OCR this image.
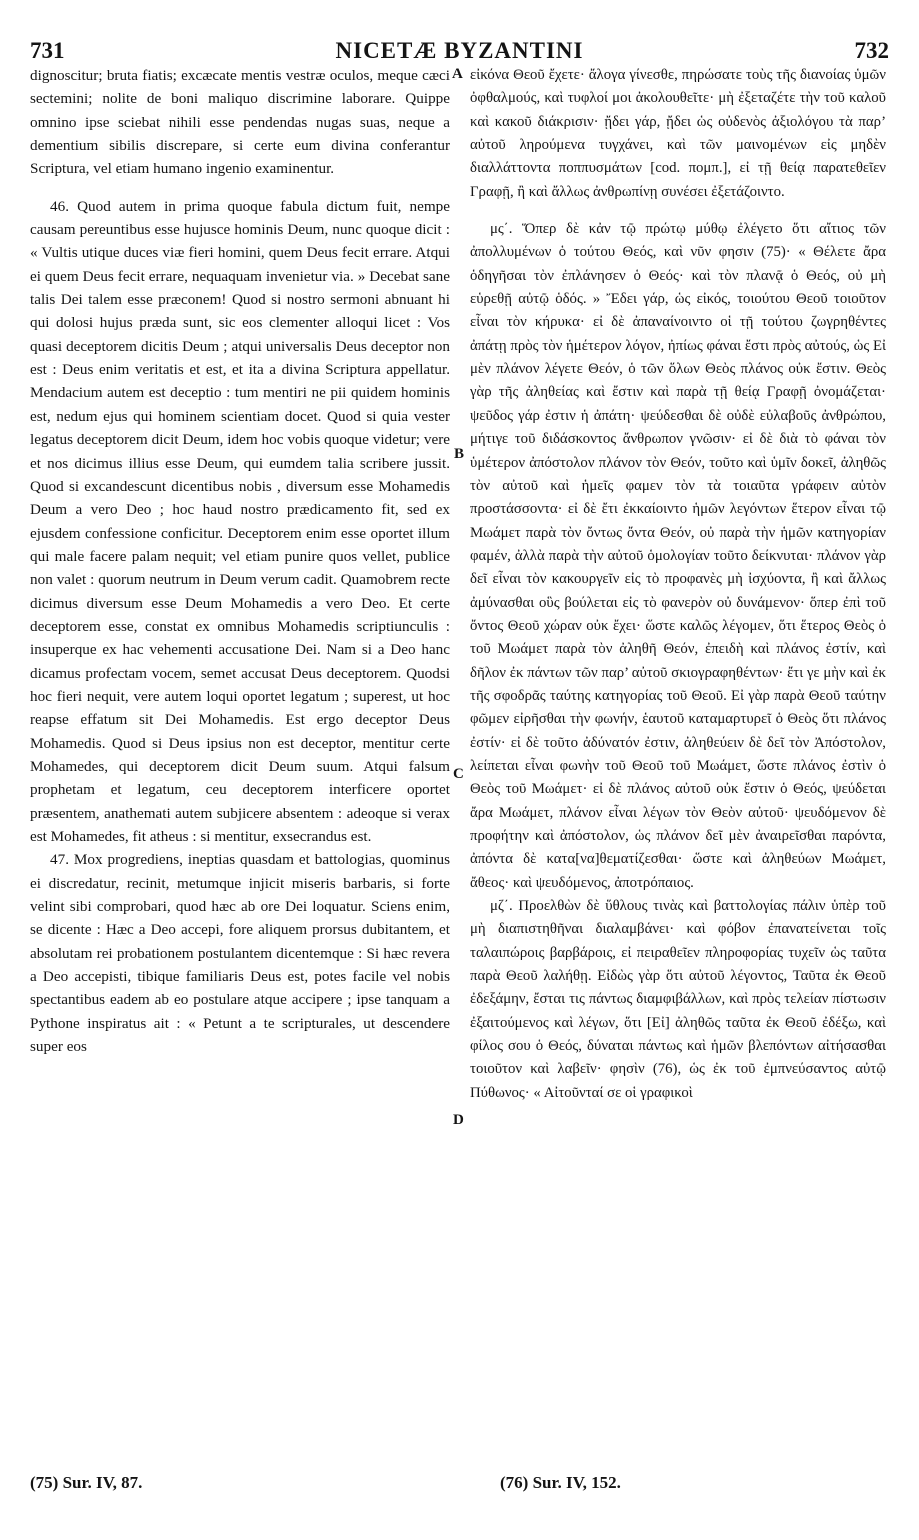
731	NICETÆ BYZANTINI	732

dignoscitur; bruta fiatis; excæcate mentis vestræ oculos, meque cæci sectemini; nolite de boni maliquo discrimine laborare. Quippe omnino ipse sciebat nihili esse pendendas nugas suas, neque a dementium sibilis discrepare, si certe eum divina conferantur Scriptura, vel etiam humano ingenio examinentur.

46. Quod autem in prima quoque fabula dictum fuit, nempe causam pereuntibus esse hujusce hominis Deum, nunc quoque dicit : « Vultis utique duces viæ fieri homini, quem Deus fecit errare. Atqui ei quem Deus fecit errare, nequaquam invenietur via. » Decebat sane talis Dei talem esse præconem! Quod si nostro sermoni abnuant hi qui dolosi hujus præda sunt, sic eos clementer alloqui licet : Vos quasi deceptorem dicitis Deum ; atqui universalis Deus deceptor non est : Deus enim veritatis et est, et ita a divina Scriptura appellatur. Mendacium autem est deceptio : tum mentiri ne pii quidem hominis est, nedum ejus qui hominem scientiam docet. Quod si quia vester legatus deceptorem dicit Deum, idem hoc vobis quoque videtur; vere et nos dicimus illius esse Deum, qui eumdem talia scribere jussit. Quod si excandescunt dicentibus nobis , diversum esse Mohamedis Deum a vero Deo ; hoc haud nostro prædicamento fit, sed ex ejusdem confessione conficitur. Deceptorem enim esse oportet illum qui male facere palam nequit; vel etiam punire quos vellet, publice non valet : quorum neutrum in Deum verum cadit. Quamobrem recte dicimus diversum esse Deum Mohamedis a vero Deo. Et certe deceptorem esse, constat ex omnibus Mohamedis scriptiunculis : insuperque ex hac vehementi accusatione Dei. Nam si a Deo hanc dicamus profectam vocem, semet accusat Deus deceptorem. Quodsi hoc fieri nequit, vere autem loqui oportet legatum ; superest, ut hoc reapse effatum sit Dei Mohamedis. Est ergo deceptor Deus Mohamedis. Quod si Deus ipsius non est deceptor, mentitur certe Mohamedes, qui deceptorem dicit Deum suum. Atqui falsum prophetam et legatum, ceu deceptorem interficere oportet præsentem, anathemati autem subjicere absentem : adeoque si verax est Mohamedes, fit atheus : si mentitur, exsecrandus est.

47. Mox progrediens, ineptias quasdam et battologias, quominus ei discredatur, recinit, metumque injicit miseris barbaris, si forte velint sibi comprobari, quod hæc ab ore Dei loquatur. Sciens enim, se dicente : Hæc a Deo accepi, fore aliquem prorsus dubitantem, et absolutam rei probationem postulantem dicentemque : Si hæc revera a Deo accepisti, tibique familiaris Deus est, potes facile vel nobis spectantibus eadem ab eo postulare atque accipere ; ipse tanquam a Pythone inspiratus ait : « Petunt a te scripturales, ut descendere super eos

A
B
C
D

εἰκόνα Θεοῦ ἔχετε· ἄλογα γίνεσθε, πηρώσατε τοὺς τῆς διανοίας ὑμῶν ὀφθαλμούς, καὶ τυφλοί μοι ἀκολουθεῖτε· μὴ ἐξεταζέτε τὴν τοῦ καλοῦ καὶ κακοῦ διάκρισιν· ᾔδει γάρ, ᾔδει ὡς οὐδενὸς ἀξιολόγου τὰ παρ’ αὐτοῦ ληρούμενα τυγχάνει, καὶ τῶν μαινομένων εἰς μηδὲν διαλλάττοντα ποππυσμάτων [cod. πομπ.], εἰ τῇ θείᾳ παρατεθεῖεν Γραφῇ, ἢ καὶ ἄλλως ἀνθρωπίνῃ συνέσει ἐξετάζοιντο.

μς΄. Ὅπερ δὲ κἀν τῷ πρώτῳ μύθῳ ἐλέγετο ὅτι αἴτιος τῶν ἀπολλυμένων ὁ τούτου Θεός, καὶ νῦν φησιν (75)· « Θέλετε ἄρα ὁδηγῆσαι τὸν ἐπλάνησεν ὁ Θεός· καὶ τὸν πλανᾷ ὁ Θεός, οὐ μὴ εὑρεθῇ αὐτῷ ὁδός. » Ἔδει γάρ, ὡς εἰκός, τοιούτου Θεοῦ τοιοῦτον εἶναι τὸν κήρυκα· εἰ δὲ ἀπαναίνοιντο οἱ τῇ τούτου ζωγρηθέντες ἀπάτῃ πρὸς τὸν ἡμέτερον λόγον, ἠπίως φάναι ἔστι πρὸς αὐτούς, ὡς Εἰ μὲν πλάνον λέγετε Θεόν, ὁ τῶν ὅλων Θεὸς πλάνος οὐκ ἔστιν. Θεὸς γὰρ τῆς ἀληθείας καὶ ἔστιν καὶ παρὰ τῇ θείᾳ Γραφῇ ὀνομάζεται· ψεῦδος γάρ ἐστιν ἡ ἀπάτη· ψεύδεσθαι δὲ οὐδὲ εὐλαβοῦς ἀνθρώπου, μήτιγε τοῦ διδάσκοντος ἄνθρωπον γνῶσιν· εἰ δὲ διὰ τὸ φάναι τὸν ὑμέτερον ἀπόστολον πλάνον τὸν Θεόν, τοῦτο καὶ ὑμῖν δοκεῖ, ἀληθῶς τὸν αὐτοῦ καὶ ἡμεῖς φαμεν τὸν τὰ τοιαῦτα γράφειν αὐτὸν προστάσσοντα· εἰ δὲ ἔτι ἐκκαίοιντο ἡμῶν λεγόντων ἕτερον εἶναι τῷ Μωάμετ παρὰ τὸν ὄντως ὄντα Θεόν, οὐ παρὰ τὴν ἡμῶν κατηγορίαν φαμέν, ἀλλὰ παρὰ τὴν αὐτοῦ ὁμολογίαν τοῦτο δείκνυται· πλάνον γὰρ δεῖ εἶναι τὸν κακουργεῖν εἰς τὸ προφανὲς μὴ ἰσχύοντα, ἢ καὶ ἄλλως ἀμύνασθαι οὓς βούλεται εἰς τὸ φανερὸν οὐ δυνάμενον· ὅπερ ἐπὶ τοῦ ὄντος Θεοῦ χώραν οὐκ ἔχει· ὥστε καλῶς λέγομεν, ὅτι ἕτερος Θεὸς ὁ τοῦ Μωάμετ παρὰ τὸν ἀληθῆ Θεόν, ἐπειδὴ καὶ πλάνος ἐστίν, καὶ δῆλον ἐκ πάντων τῶν παρ’ αὐτοῦ σκιογραφηθέντων· ἔτι γε μὴν καὶ ἐκ τῆς σφοδρᾶς ταύτης κατηγορίας τοῦ Θεοῦ. Εἰ γὰρ παρὰ Θεοῦ ταύτην φῶμεν εἰρῆσθαι τὴν φωνήν, ἑαυτοῦ καταμαρτυρεῖ ὁ Θεὸς ὅτι πλάνος ἐστίν· εἰ δὲ τοῦτο ἀδύνατόν ἐστιν, ἀληθεύειν δὲ δεῖ τὸν Ἀπόστολον, λείπεται εἶναι φωνὴν τοῦ Θεοῦ τοῦ Μωάμετ, ὥστε πλάνος ἐστὶν ὁ Θεὸς τοῦ Μωάμετ· εἰ δὲ πλάνος αὐτοῦ οὐκ ἔστιν ὁ Θεός, ψεύδεται ἄρα Μωάμετ, πλάνον εἶναι λέγων τὸν Θεὸν αὐτοῦ· ψευδόμενον δὲ προφήτην καὶ ἀπόστολον, ὡς πλάνον δεῖ μὲν ἀναιρεῖσθαι παρόντα, ἀπόντα δὲ κατα[να]θεματίζεσθαι· ὥστε καὶ ἀληθεύων Μωάμετ, ἄθεος· καὶ ψευδόμενος, ἀποτρόπαιος.

μζ΄. Προελθὼν δὲ ὕθλους τινὰς καὶ βαττολογίας πάλιν ὑπὲρ τοῦ μὴ διαπιστηθῆναι διαλαμβάνει· καὶ φόβον ἐπανατείνεται τοῖς ταλαιπώροις βαρβάροις, εἰ πειραθεῖεν πληροφορίας τυχεῖν ὡς ταῦτα παρὰ Θεοῦ λαλήθῃ. Εἰδὼς γὰρ ὅτι αὐτοῦ λέγοντος, Ταῦτα ἐκ Θεοῦ ἐδεξάμην, ἔσται τις πάντως διαμφιβάλλων, καὶ πρὸς τελείαν πίστωσιν ἐξαιτούμενος καὶ λέγων, ὅτι [Εἰ] ἀληθῶς ταῦτα ἐκ Θεοῦ ἐδέξω, καὶ φίλος σου ὁ Θεός, δύναται πάντως καὶ ἡμῶν βλεπόντων αἰτήσασθαι τοιοῦτον καὶ λαβεῖν· φησὶν (76), ὡς ἐκ τοῦ ἐμπνεύσαντος αὐτῷ Πύθωνος· « Αἰτοῦνταί σε οἱ γραφικοὶ

(75) Sur. IV, 87.	(76) Sur. IV, 152.
